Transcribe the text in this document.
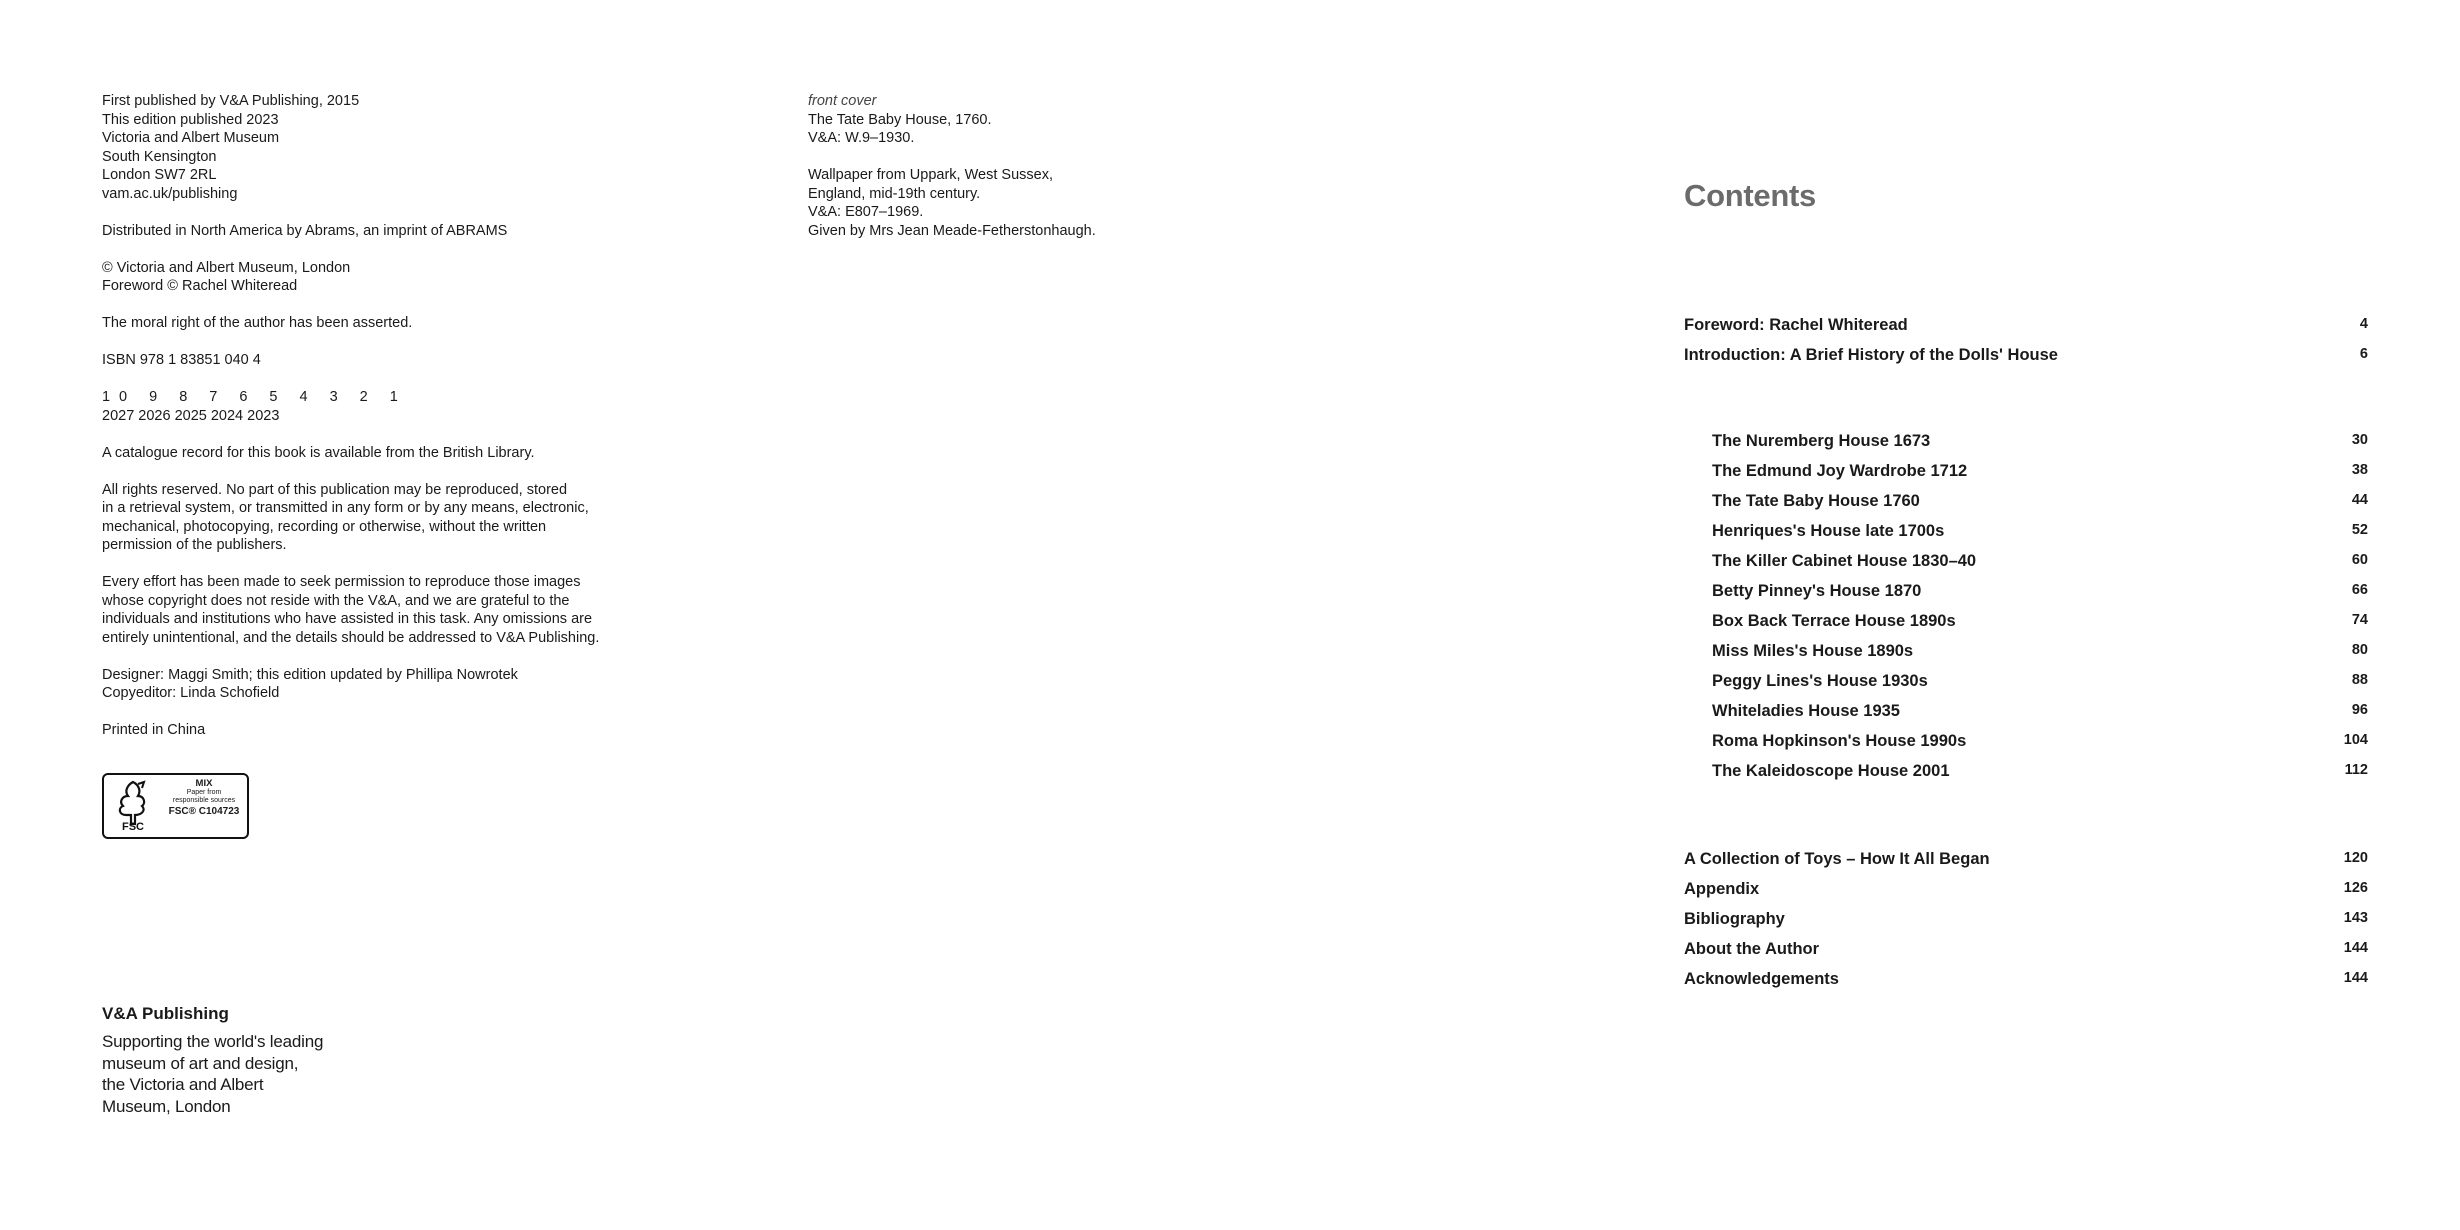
First published by V&A Publishing, 2015
This edition published 2023
Victoria and Albert Museum
South Kensington
London SW7 2RL
vam.ac.uk/publishing
Distributed in North America by Abrams, an imprint of ABRAMS
© Victoria and Albert Museum, London
Foreword © Rachel Whiteread
The moral right of the author has been asserted.
ISBN 978 1 83851 040 4
10 9 8 7 6 5 4 3 2 1
2027 2026 2025 2024 2023
A catalogue record for this book is available from the British Library.
All rights reserved. No part of this publication may be reproduced, stored
in a retrieval system, or transmitted in any form or by any means, electronic,
mechanical, photocopying, recording or otherwise, without the written
permission of the publishers.
Every effort has been made to seek permission to reproduce those images
whose copyright does not reside with the V&A, and we are grateful to the
individuals and institutions who have assisted in this task. Any omissions are
entirely unintentional, and the details should be addressed to V&A Publishing.
Designer: Maggi Smith; this edition updated by Phillipa Nowrotek
Copyeditor: Linda Schofield
Printed in China
FSC
MIX
Paper from
responsible sources
FSC® C104723
V&A Publishing
Supporting the world's leading
museum of art and design,
the Victoria and Albert
Museum, London
front cover
The Tate Baby House, 1760.
V&A: W.9–1930.
Wallpaper from Uppark, West Sussex,
England, mid-19th century.
V&A: E807–1969.
Given by Mrs Jean Meade-Fetherstonhaugh.
Contents
Foreword: Rachel Whiteread	4
Introduction: A Brief History of the Dolls' House	6
The Nuremberg House 1673	30
The Edmund Joy Wardrobe 1712	38
The Tate Baby House 1760	44
Henriques's House late 1700s	52
The Killer Cabinet House 1830–40	60
Betty Pinney's House 1870	66
Box Back Terrace House 1890s	74
Miss Miles's House 1890s	80
Peggy Lines's House 1930s	88
Whiteladies House 1935	96
Roma Hopkinson's House 1990s	104
The Kaleidoscope House 2001	112
A Collection of Toys – How It All Began	120
Appendix	126
Bibliography	143
About the Author	144
Acknowledgements	144
